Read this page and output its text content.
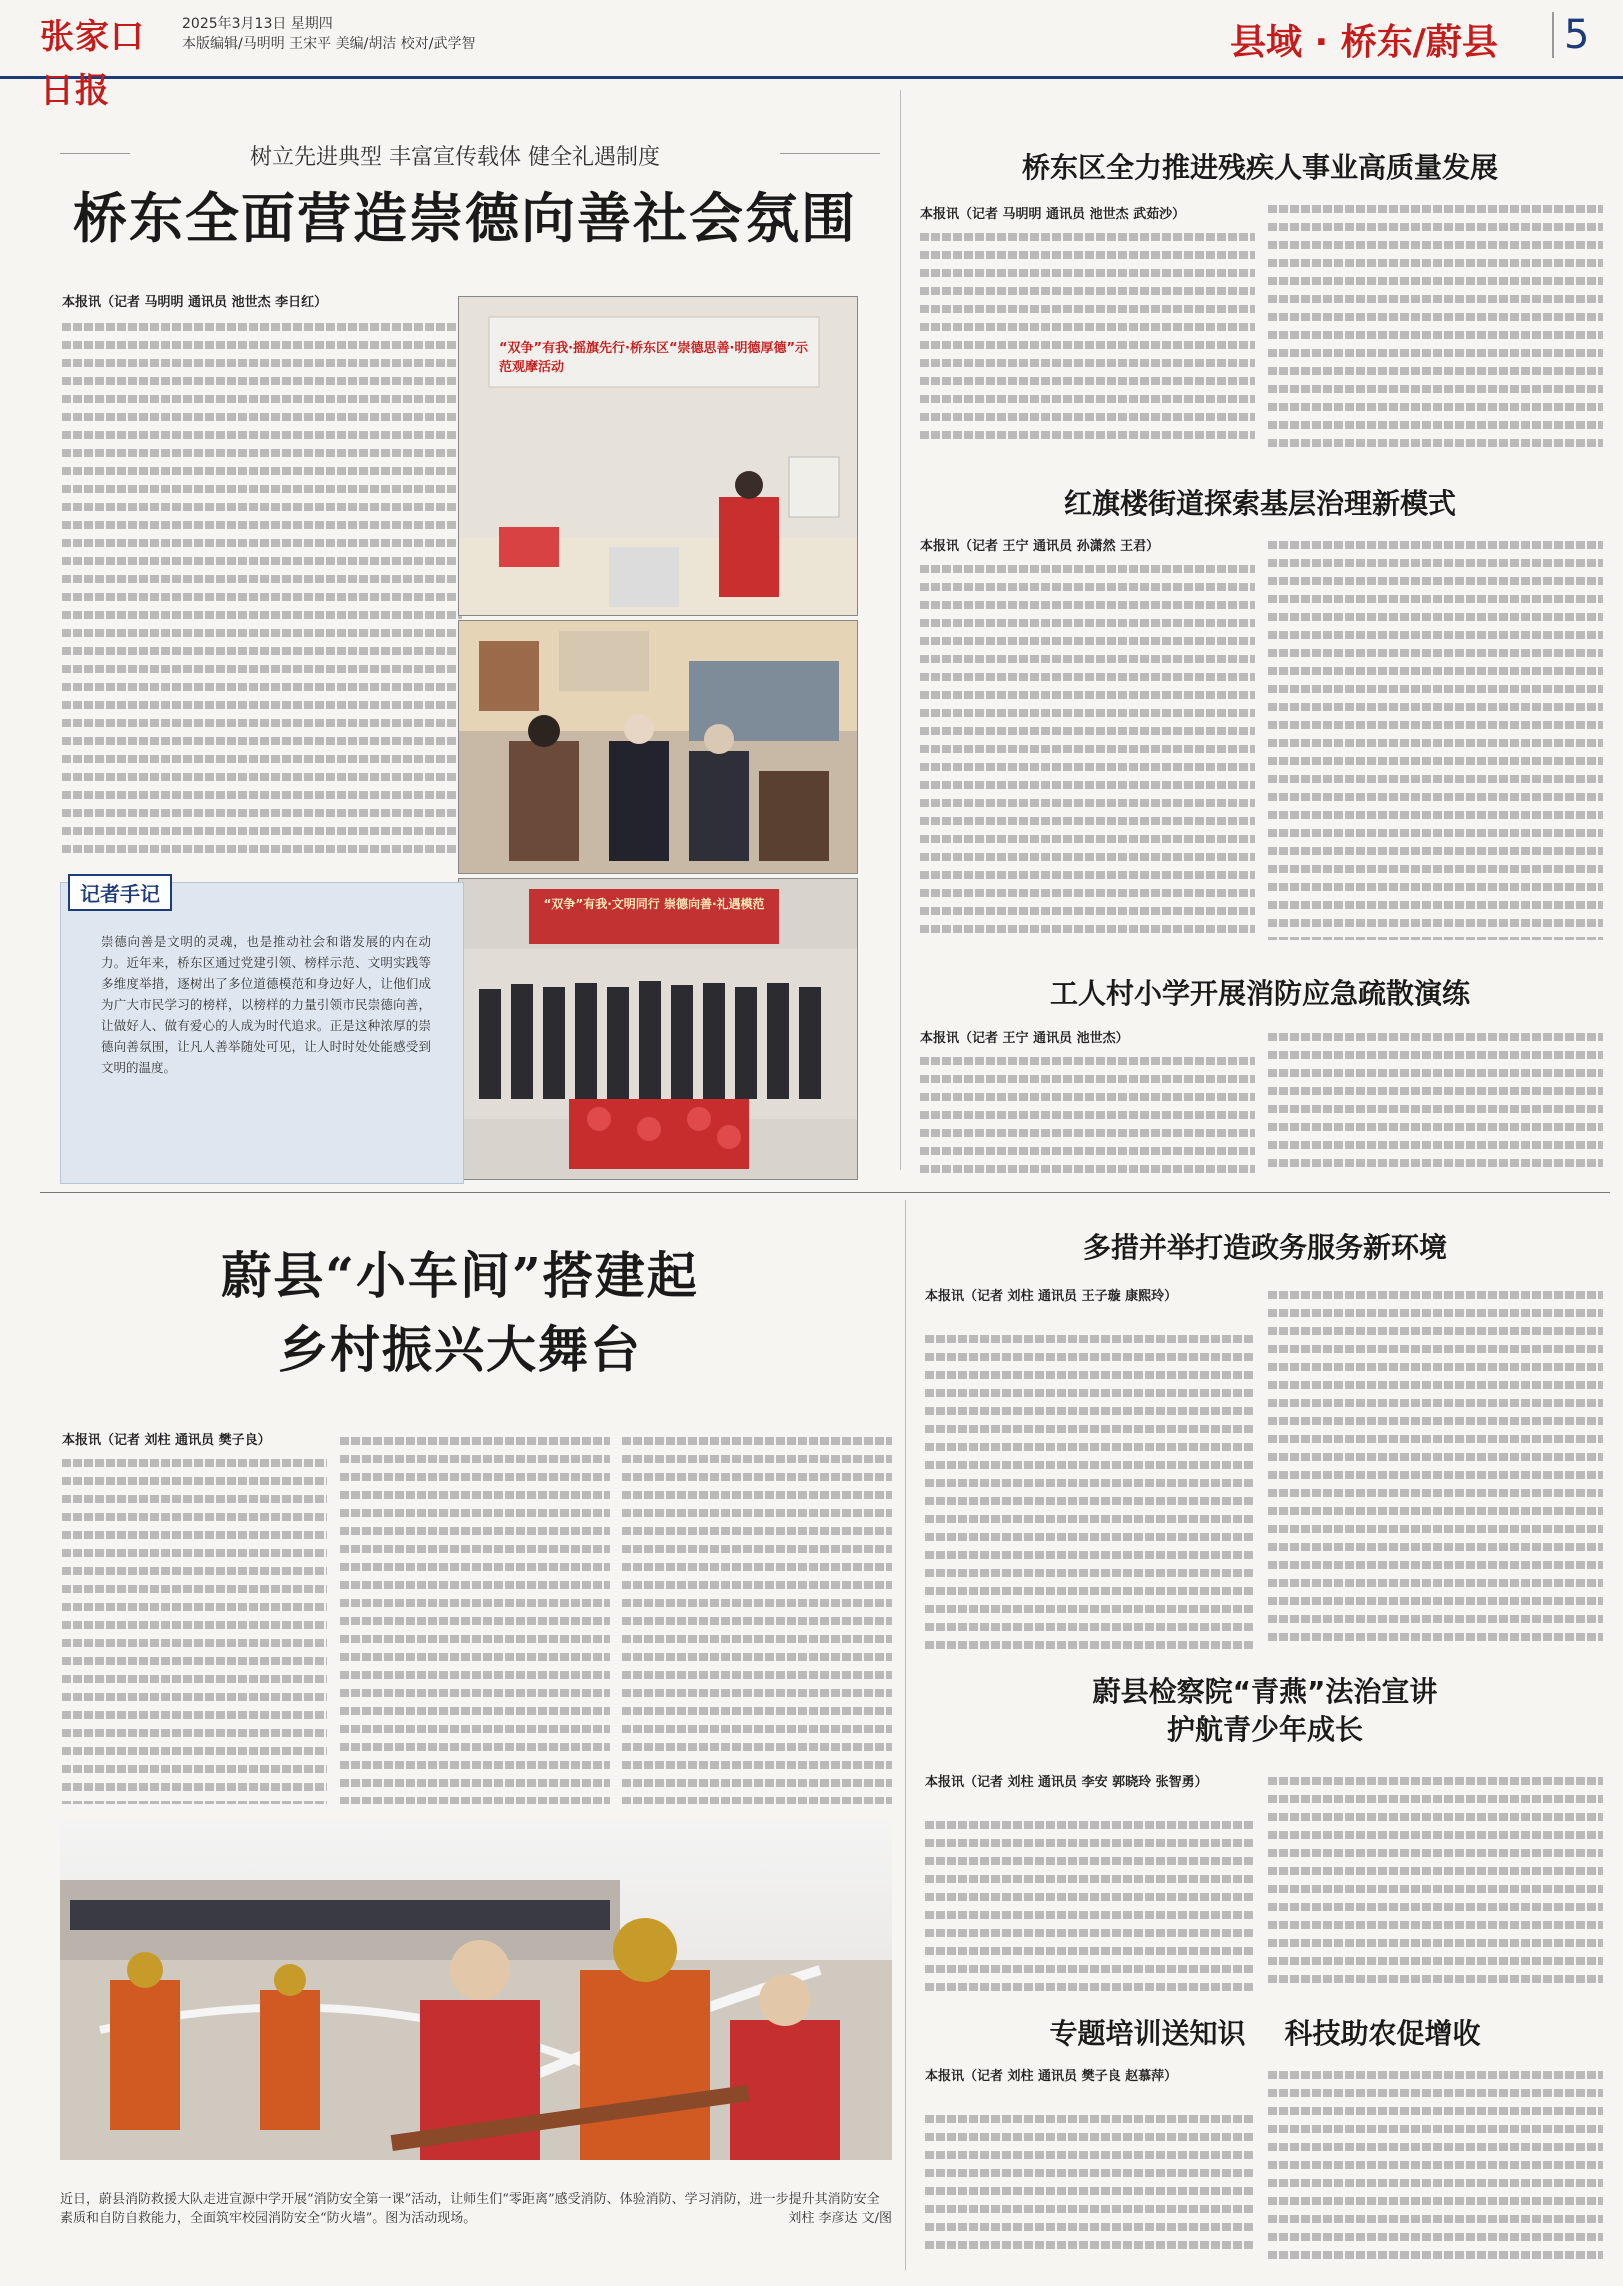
张家口日报
2025年3月13日 星期四
本版编辑/马明明 王宋平 美编/胡洁 校对/武学智	县域 · 桥东/蔚县	5
树立先进典型 丰富宣传载体 健全礼遇制度
桥东全面营造崇德向善社会氛围
本报讯（记者 马明明 通讯员 池世杰 李日红）
“双争”有我·摇旗先行·桥东区“崇德思善·明德厚德”示范观摩活动
“双争”有我·文明同行 崇德向善·礼遇模范
崇德向善是文明的灵魂，也是推动社会和谐发展的内在动力。近年来，桥东区通过党建引领、榜样示范、文明实践等多维度举措，逐树出了多位道德模范和身边好人，让他们成为广大市民学习的榜样，以榜样的力量引领市民崇德向善，让做好人、做有爱心的人成为时代追求。正是这种浓厚的崇德向善氛围，让凡人善举随处可见，让人时时处处能感受到文明的温度。
记者手记
桥东区全力推进残疾人事业高质量发展
本报讯（记者 马明明 通讯员 池世杰 武茹沙）
红旗楼街道探索基层治理新模式
本报讯（记者 王宁 通讯员 孙潇然 王君）
工人村小学开展消防应急疏散演练
本报讯（记者 王宁 通讯员 池世杰）
蔚县“小车间”搭建起
乡村振兴大舞台
本报讯（记者 刘柱 通讯员 樊子良）
近日，蔚县消防救援大队走进宣源中学开展“消防安全第一课”活动，让师生们“零距离”感受消防、体验消防、学习消防，进一步提升其消防安全素质和自防自救能力，全面筑牢校园消防安全“防火墙”。图为活动现场。	刘柱 李彦达 文/图
多措并举打造政务服务新环境
本报讯（记者 刘柱 通讯员 王子璇 康熙玲）
蔚县检察院“青燕”法治宣讲
护航青少年成长
本报讯（记者 刘柱 通讯员 李安 郭晓玲 张智勇）
专题培训送知识    科技助农促增收
本报讯（记者 刘柱 通讯员 樊子良 赵慕萍）
